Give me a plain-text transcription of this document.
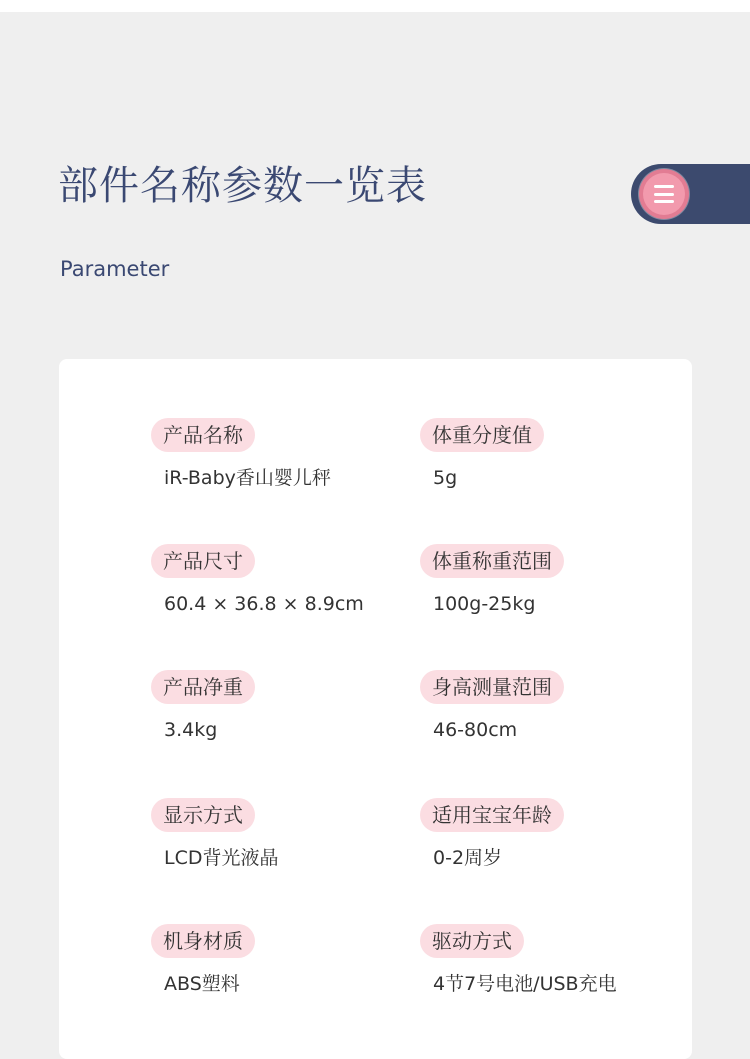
部件名称参数一览表
Parameter
产品名称
iR-Baby香山婴儿秤
体重分度值
5g
产品尺寸
60.4 × 36.8 × 8.9cm
体重称重范围
100g-25kg
产品净重
3.4kg
身高测量范围
46-80cm
显示方式
LCD背光液晶
适用宝宝年龄
0-2周岁
机身材质
ABS塑料
驱动方式
4节7号电池/USB充电
